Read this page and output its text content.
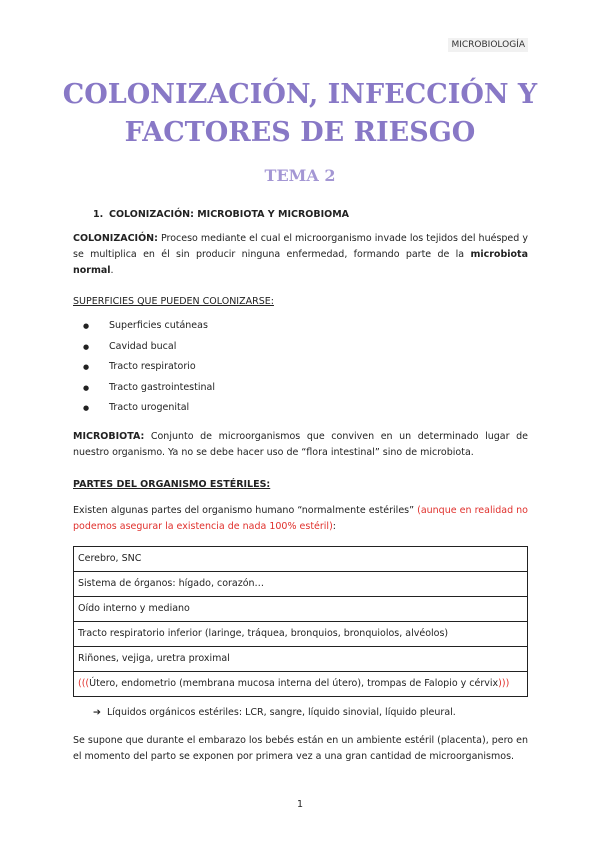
MICROBIOLOGÍA
COLONIZACIÓN, INFECCIÓN Y FACTORES DE RIESGO
TEMA 2
1. COLONIZACIÓN: MICROBIOTA Y MICROBIOMA

COLONIZACIÓN: Proceso mediante el cual el microorganismo invade los tejidos del huésped y se multiplica en él sin producir ninguna enfermedad, formando parte de la microbiota normal.

SUPERFICIES QUE PUEDEN COLONIZARSE:
●	Superficies cutáneas
●	Cavidad bucal
●	Tracto respiratorio
●	Tracto gastrointestinal
●	Tracto urogenital

MICROBIOTA: Conjunto de microorganismos que conviven en un determinado lugar de nuestro organismo. Ya no se debe hacer uso de “flora intestinal” sino de microbiota.

PARTES DEL ORGANISMO ESTÉRILES:

Existen algunas partes del organismo humano “normalmente estériles” (aunque en realidad no podemos asegurar la existencia de nada 100% estéril):

Cerebro, SNC
Sistema de órganos: hígado, corazón…
Oído interno y mediano
Tracto respiratorio inferior (laringe, tráquea, bronquios, bronquiolos, alvéolos)
Riñones, vejiga, uretra proximal
(((Útero, endometrio (membrana mucosa interna del útero), trompas de Falopio y cérvix)))
➔ Líquidos orgánicos estériles: LCR, sangre, líquido sinovial, líquido pleural.

Se supone que durante el embarazo los bebés están en un ambiente estéril (placenta), pero en el momento del parto se exponen por primera vez a una gran cantidad de microorganismos.

1
